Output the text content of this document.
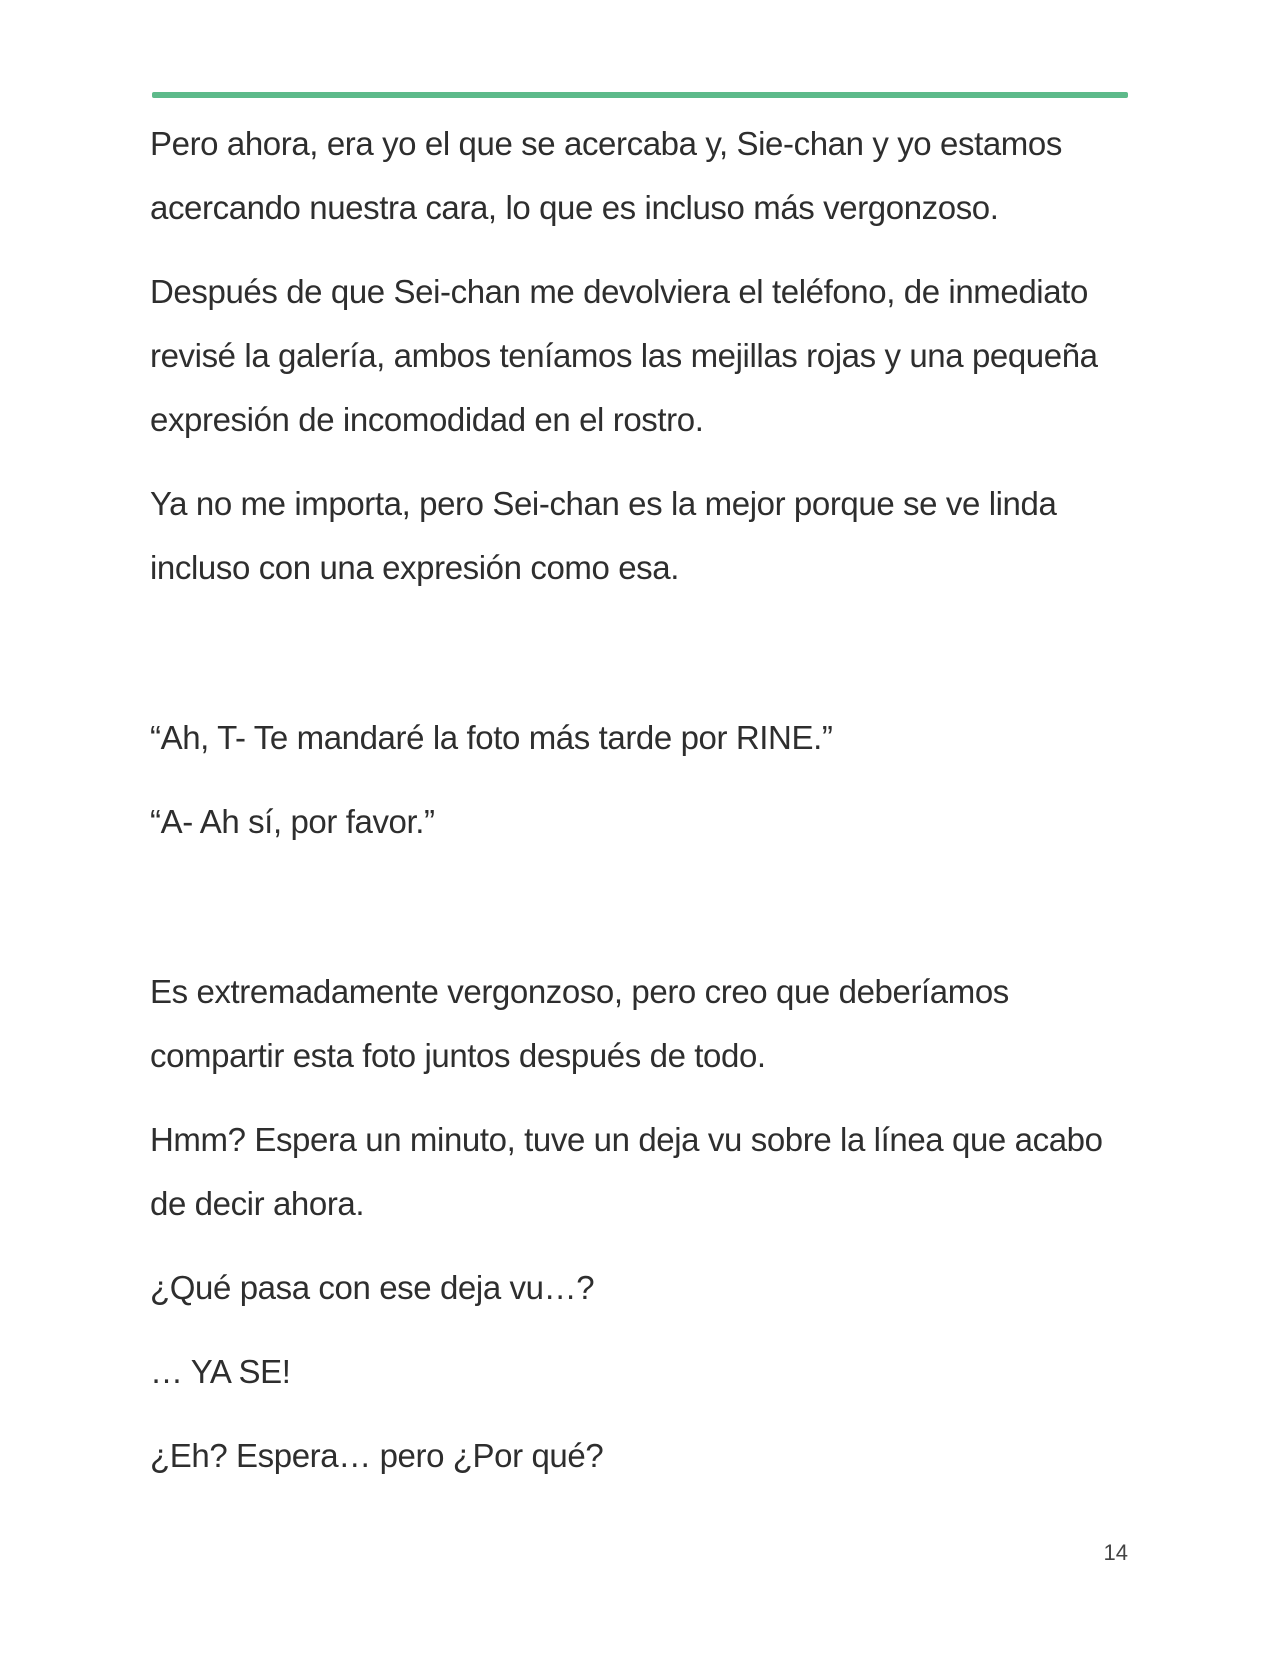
Pero ahora, era yo el que se acercaba y, Sie-chan y yo estamos acercando nuestra cara, lo que es incluso más vergonzoso.

Después de que Sei-chan me devolviera el teléfono, de inmediato revisé la galería, ambos teníamos las mejillas rojas y una pequeña expresión de incomodidad en el rostro.

Ya no me importa, pero Sei-chan es la mejor porque se ve linda incluso con una expresión como esa.

“Ah, T- Te mandaré la foto más tarde por RINE.”

“A- Ah sí, por favor.”

Es extremadamente vergonzoso, pero creo que deberíamos compartir esta foto juntos después de todo.

Hmm? Espera un minuto, tuve un deja vu sobre la línea que acabo de decir ahora.

¿Qué pasa con ese deja vu…?

… YA SE!

¿Eh? Espera… pero ¿Por qué?

14
